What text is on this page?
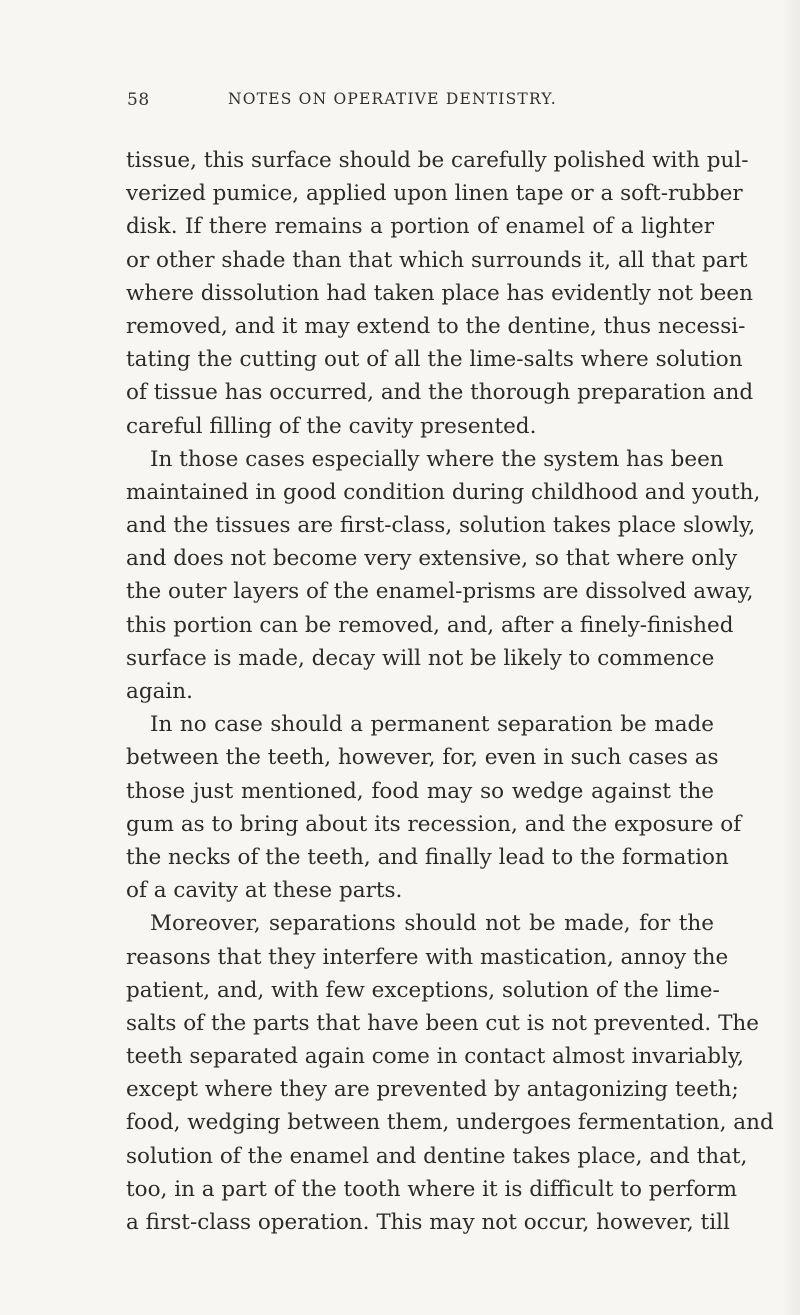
58	NOTES ON OPERATIVE DENTISTRY.
tissue, this surface should be carefully polished with pul-
verized pumice, applied upon linen tape or a soft-rubber
disk. If there remains a portion of enamel of a lighter
or other shade than that which surrounds it, all that part
where dissolution had taken place has evidently not been
removed, and it may extend to the dentine, thus necessi-
tating the cutting out of all the lime-salts where solution
of tissue has occurred, and the thorough preparation and
careful filling of the cavity presented.
In those cases especially where the system has been
maintained in good condition during childhood and youth,
and the tissues are first-class, solution takes place slowly,
and does not become very extensive, so that where only
the outer layers of the enamel-prisms are dissolved away,
this portion can be removed, and, after a finely-finished
surface is made, decay will not be likely to commence
again.
In no case should a permanent separation be made
between the teeth, however, for, even in such cases as
those just mentioned, food may so wedge against the
gum as to bring about its recession, and the exposure of
the necks of the teeth, and finally lead to the formation
of a cavity at these parts.
Moreover, separations should not be made, for the
reasons that they interfere with mastication, annoy the
patient, and, with few exceptions, solution of the lime-
salts of the parts that have been cut is not prevented. The
teeth separated again come in contact almost invariably,
except where they are prevented by antagonizing teeth;
food, wedging between them, undergoes fermentation, and
solution of the enamel and dentine takes place, and that,
too, in a part of the tooth where it is difficult to perform
a first-class operation. This may not occur, however, till
